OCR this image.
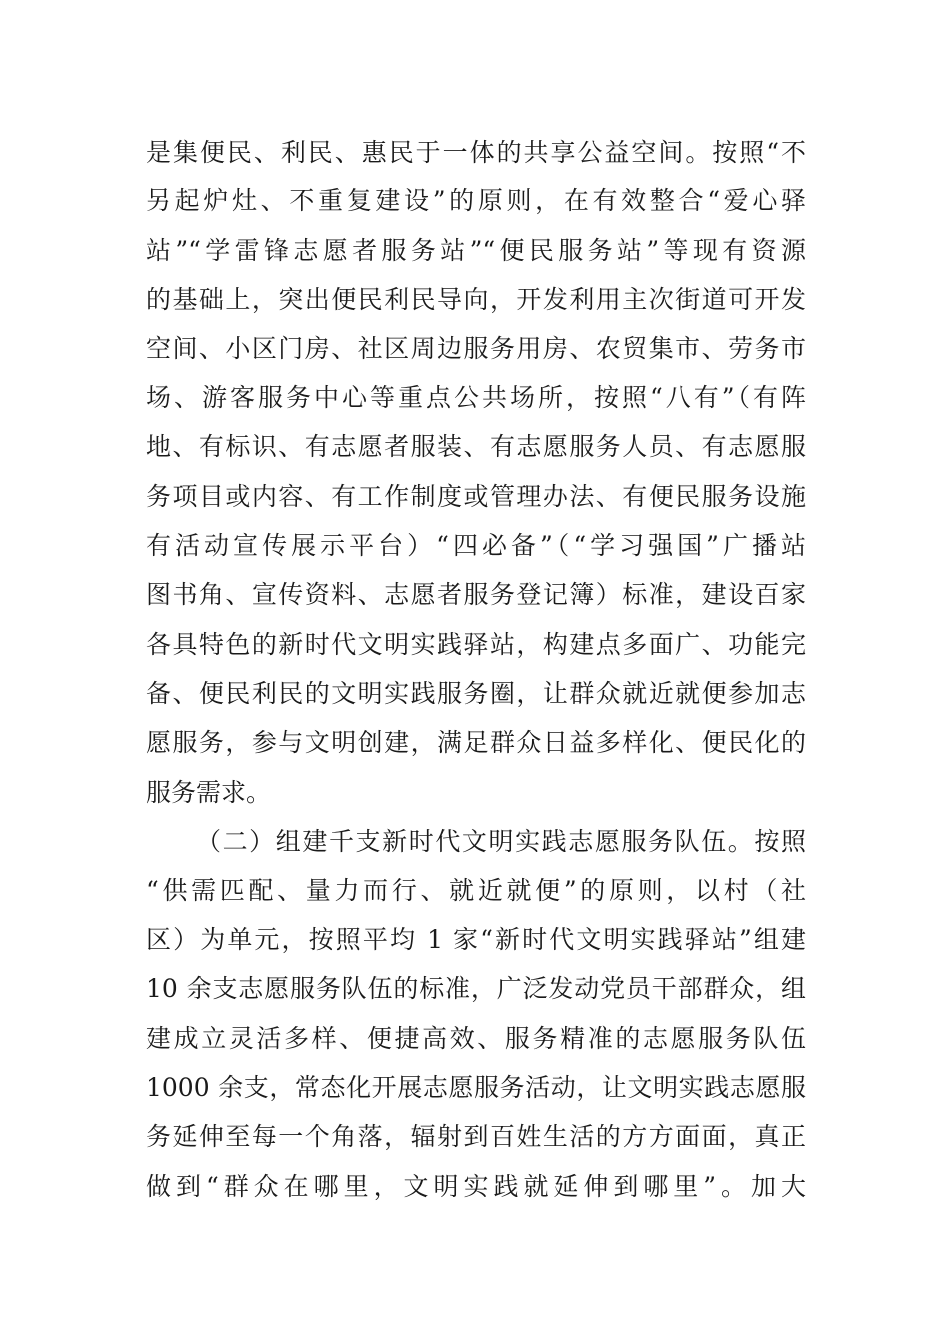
是集便民、利民、惠民于一体的共享公益空间。按照“不
另起炉灶、不重复建设”的原则，在有效整合“爱心驿
站”“学雷锋志愿者服务站”“便民服务站”等现有资源
的基础上，突出便民利民导向，开发利用主次街道可开发
空间、小区门房、社区周边服务用房、农贸集市、劳务市
场、游客服务中心等重点公共场所，按照“八有”（有阵
地、有标识、有志愿者服装、有志愿服务人员、有志愿服
务项目或内容、有工作制度或管理办法、有便民服务设施
有活动宣传展示平台）“四必备”（“学习强国”广播站
图书角、宣传资料、志愿者服务登记簿）标准，建设百家
各具特色的新时代文明实践驿站，构建点多面广、功能完
备、便民利民的文明实践服务圈，让群众就近就便参加志
愿服务，参与文明创建，满足群众日益多样化、便民化的
服务需求。
（二）组建千支新时代文明实践志愿服务队伍。按照
“供需匹配、量力而行、就近就便”的原则，以村（社
区）为单元，按照平均 1 家“新时代文明实践驿站”组建
10 余支志愿服务队伍的标准，广泛发动党员干部群众，组
建成立灵活多样、便捷高效、服务精准的志愿服务队伍
1000 余支，常态化开展志愿服务活动，让文明实践志愿服
务延伸至每一个角落，辐射到百姓生活的方方面面，真正
做到“群众在哪里，文明实践就延伸到哪里”。加大
